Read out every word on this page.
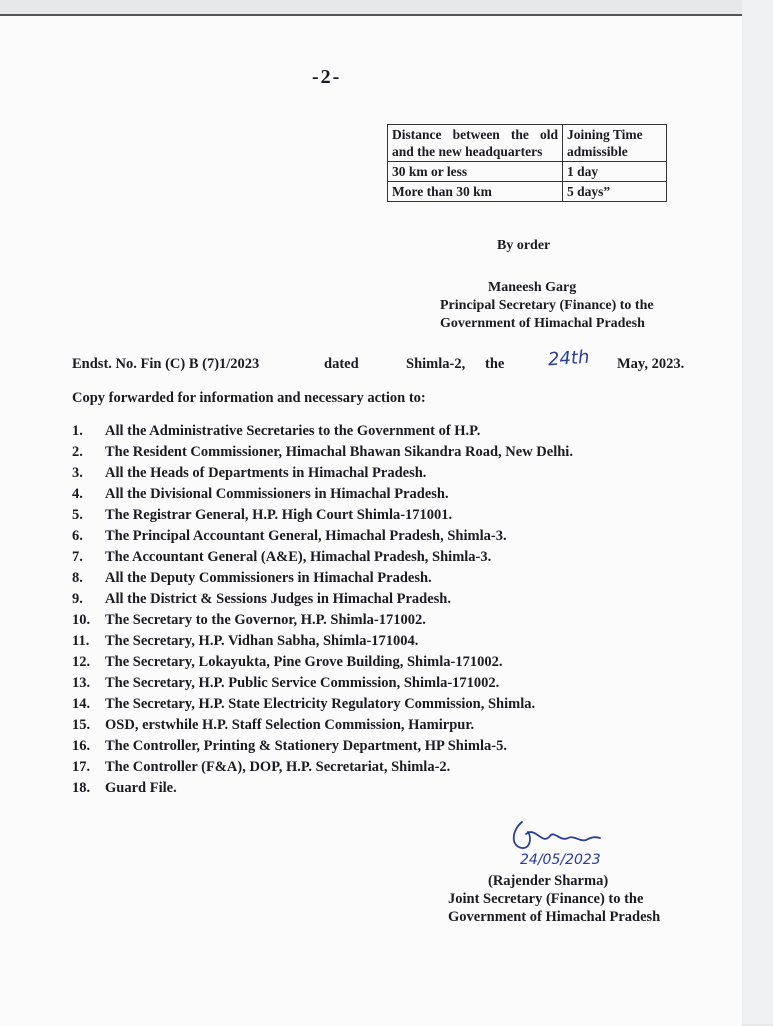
-2-
Distance between the old and the new headquarters	Joining Time admissible
30 km or less	1 day
More than 30 km	5 days”
By order
Maneesh Garg
Principal Secretary (Finance) to the
Government of Himachal Pradesh
Endst. No. Fin (C) B (7)1/2023	dated	Shimla-2, the	May, 2023.
24th
Copy forwarded for information and necessary action to:
1. All the Administrative Secretaries to the Government of H.P.
2. The Resident Commissioner, Himachal Bhawan Sikandra Road, New Delhi.
3. All the Heads of Departments in Himachal Pradesh.
4. All the Divisional Commissioners in Himachal Pradesh.
5. The Registrar General, H.P. High Court Shimla-171001.
6. The Principal Accountant General, Himachal Pradesh, Shimla-3.
7. The Accountant General (A&E), Himachal Pradesh, Shimla-3.
8. All the Deputy Commissioners in Himachal Pradesh.
9. All the District & Sessions Judges in Himachal Pradesh.
10. The Secretary to the Governor, H.P. Shimla-171002.
11. The Secretary, H.P. Vidhan Sabha, Shimla-171004.
12. The Secretary, Lokayukta, Pine Grove Building, Shimla-171002.
13. The Secretary, H.P. Public Service Commission, Shimla-171002.
14. The Secretary, H.P. State Electricity Regulatory Commission, Shimla.
15. OSD, erstwhile H.P. Staff Selection Commission, Hamirpur.
16. The Controller, Printing & Stationery Department, HP Shimla-5.
17. The Controller (F&A), DOP, H.P. Secretariat, Shimla-2.
18. Guard File.
24/05/2023
(Rajender Sharma)
Joint Secretary (Finance) to the
Government of Himachal Pradesh
